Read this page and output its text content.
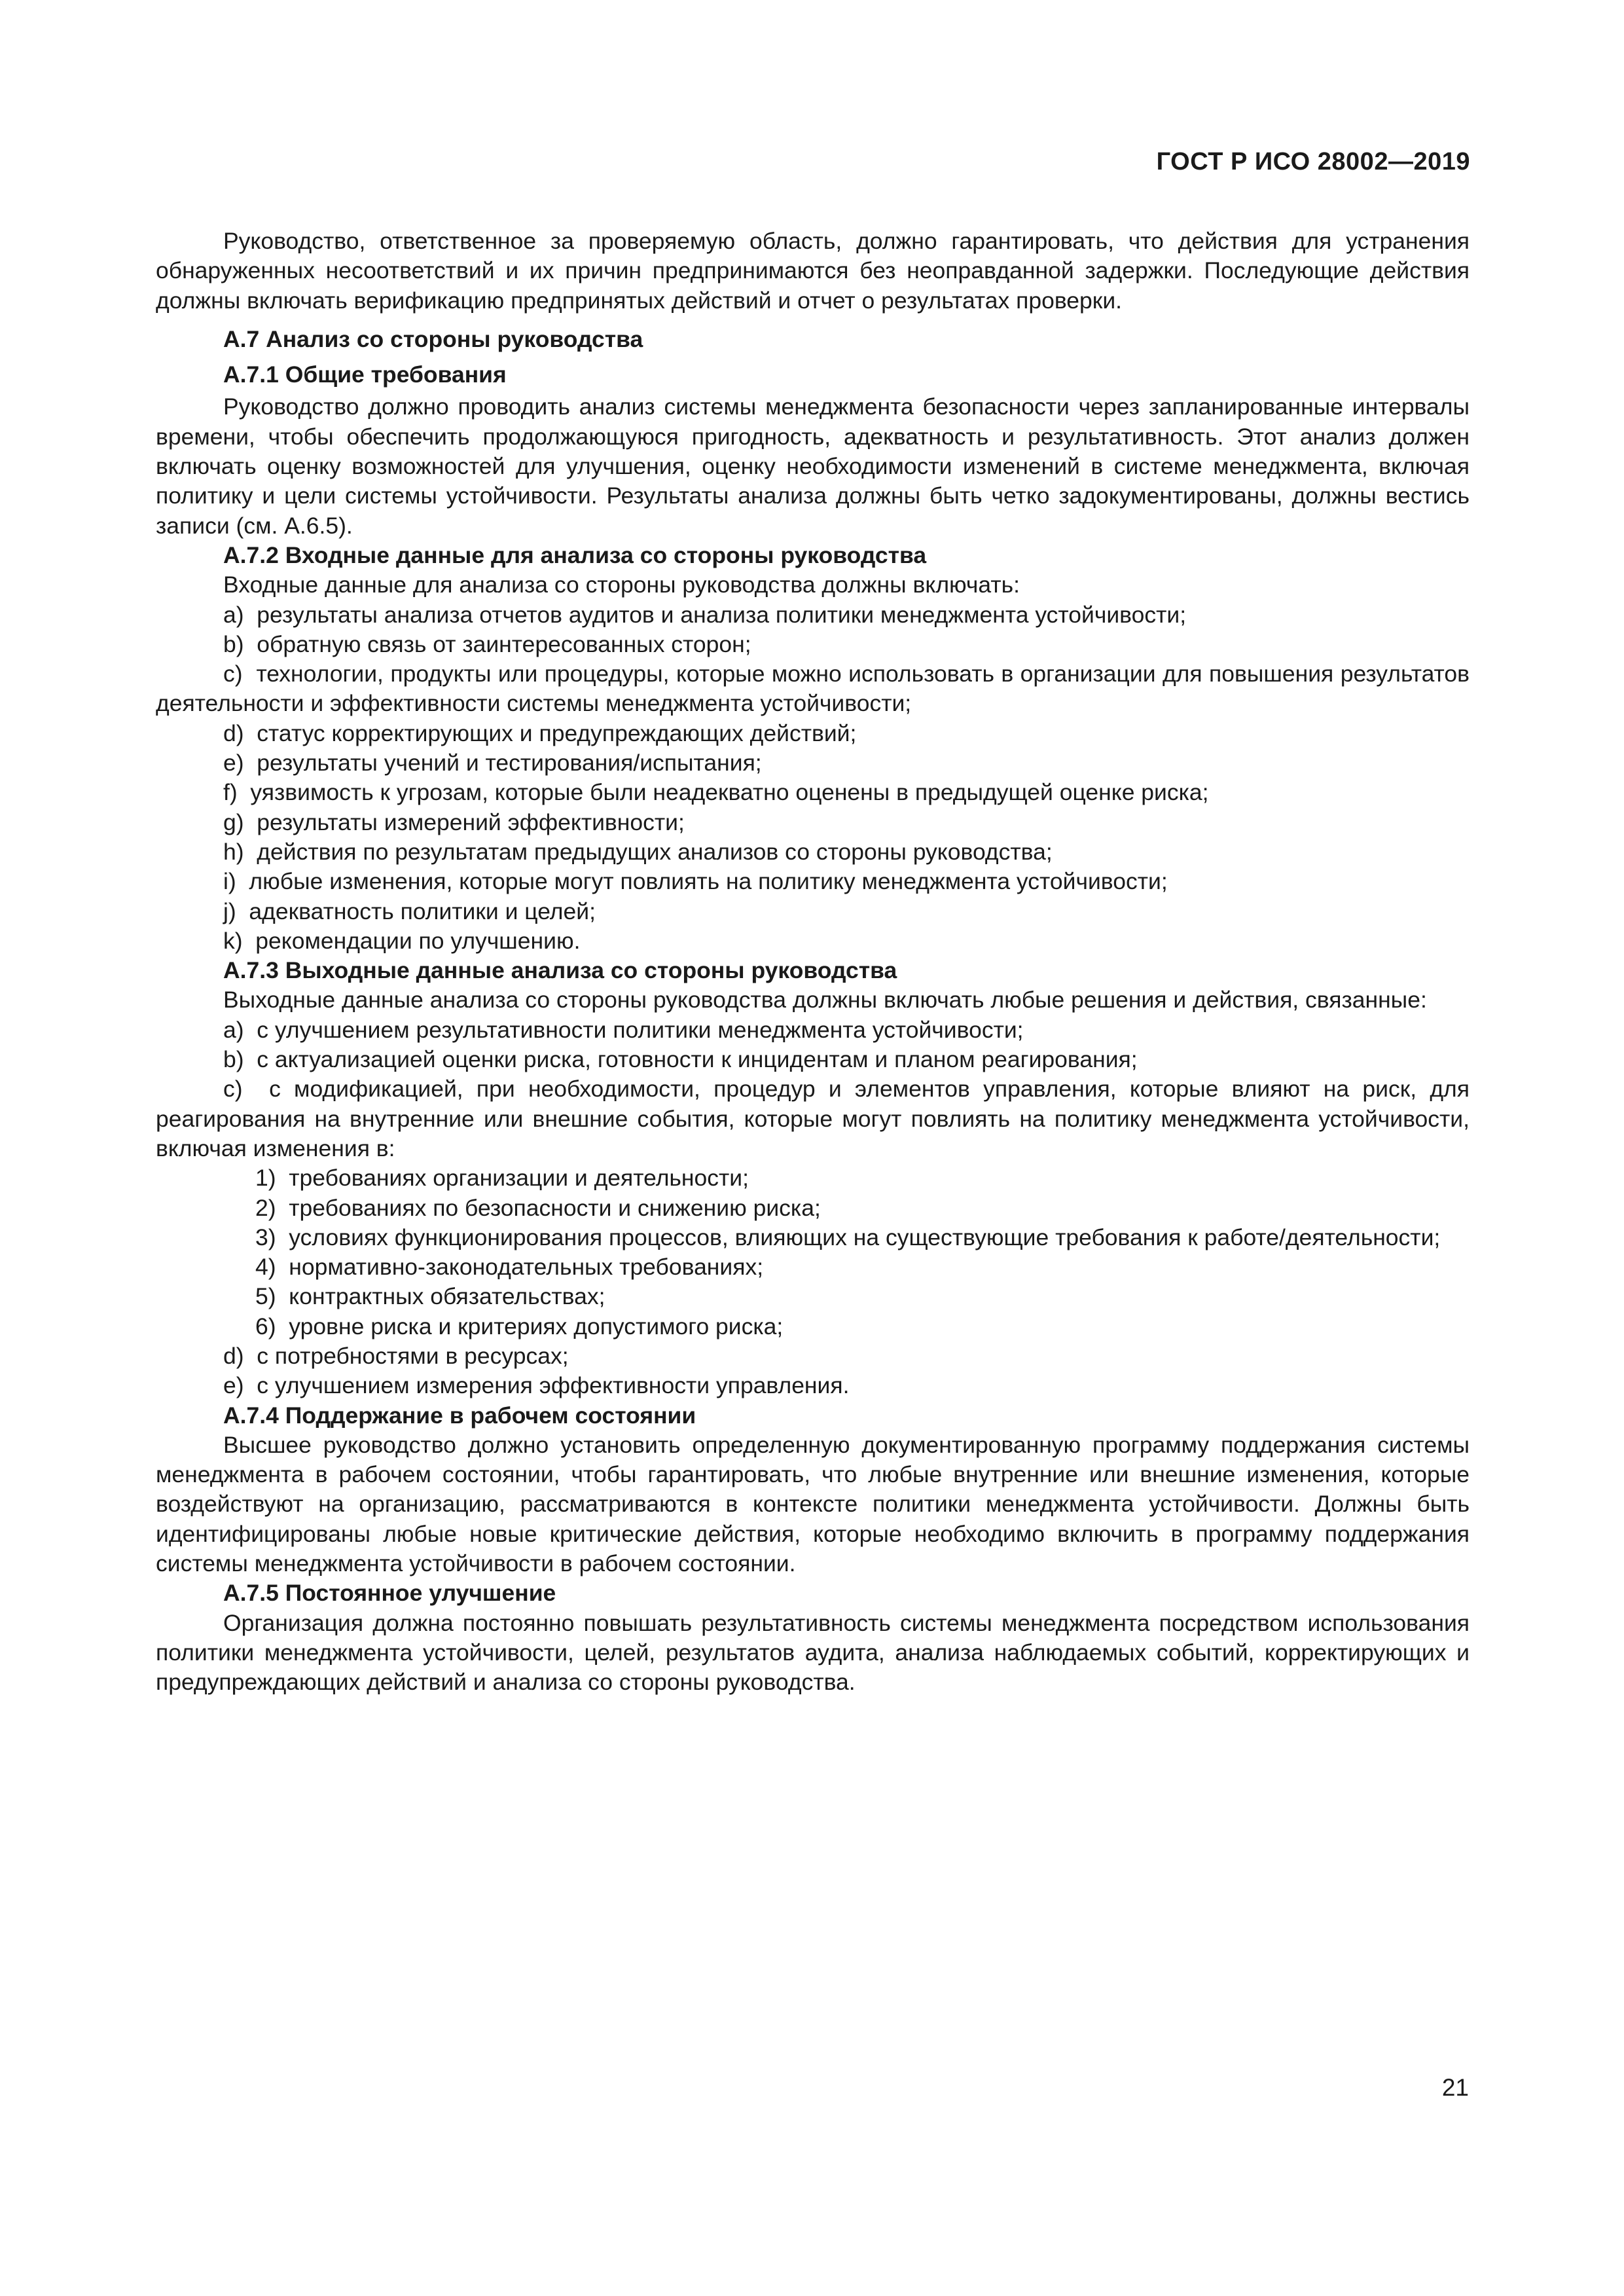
ГОСТ Р ИСО 28002—2019

Руководство, ответственное за проверяемую область, должно гарантировать, что действия для устранения обнаруженных несоответствий и их причин предпринимаются без неоправданной задержки. Последующие действия должны включать верификацию предпринятых действий и отчет о результатах проверки.

А.7 Анализ со стороны руководства

А.7.1 Общие требования

Руководство должно проводить анализ системы менеджмента безопасности через запланированные интервалы времени, чтобы обеспечить продолжающуюся пригодность, адекватность и результативность. Этот анализ должен включать оценку возможностей для улучшения, оценку необходимости изменений в системе менеджмента, включая политику и цели системы устойчивости. Результаты анализа должны быть четко задокументированы, должны вестись записи (см. А.6.5).

А.7.2 Входные данные для анализа со стороны руководства

Входные данные для анализа со стороны руководства должны включать:

a)  результаты анализа отчетов аудитов и анализа политики менеджмента устойчивости;

b)  обратную связь от заинтересованных сторон;

c)  технологии, продукты или процедуры, которые можно использовать в организации для повышения результатов деятельности и эффективности системы менеджмента устойчивости;

d)  статус корректирующих и предупреждающих действий;

e)  результаты учений и тестирования/испытания;

f)  уязвимость к угрозам, которые были неадекватно оценены в предыдущей оценке риска;

g)  результаты измерений эффективности;

h)  действия по результатам предыдущих анализов со стороны руководства;

i)  любые изменения, которые могут повлиять на политику менеджмента устойчивости;

j)  адекватность политики и целей;

k)  рекомендации по улучшению.

А.7.3 Выходные данные анализа со стороны руководства

Выходные данные анализа со стороны руководства должны включать любые решения и действия, связанные:

a)  с улучшением результативности политики менеджмента устойчивости;

b)  с актуализацией оценки риска, готовности к инцидентам и планом реагирования;

c)  с модификацией, при необходимости, процедур и элементов управления, которые влияют на риск, для реагирования на внутренние или внешние события, которые могут повлиять на политику менеджмента устойчивости, включая изменения в:

1)  требованиях организации и деятельности;

2)  требованиях по безопасности и снижению риска;

3)  условиях функционирования процессов, влияющих на существующие требования к работе/деятельности;

4)  нормативно-законодательных требованиях;

5)  контрактных обязательствах;

6)  уровне риска и критериях допустимого риска;

d)  с потребностями в ресурсах;

e)  с улучшением измерения эффективности управления.

А.7.4 Поддержание в рабочем состоянии

Высшее руководство должно установить определенную документированную программу поддержания системы менеджмента в рабочем состоянии, чтобы гарантировать, что любые внутренние или внешние изменения, которые воздействуют на организацию, рассматриваются в контексте политики менеджмента устойчивости. Должны быть идентифицированы любые новые критические действия, которые необходимо включить в программу поддержания системы менеджмента устойчивости в рабочем состоянии.

А.7.5 Постоянное улучшение

Организация должна постоянно повышать результативность системы менеджмента посредством использования политики менеджмента устойчивости, целей, результатов аудита, анализа наблюдаемых событий, корректирующих и предупреждающих действий и анализа со стороны руководства.

21
